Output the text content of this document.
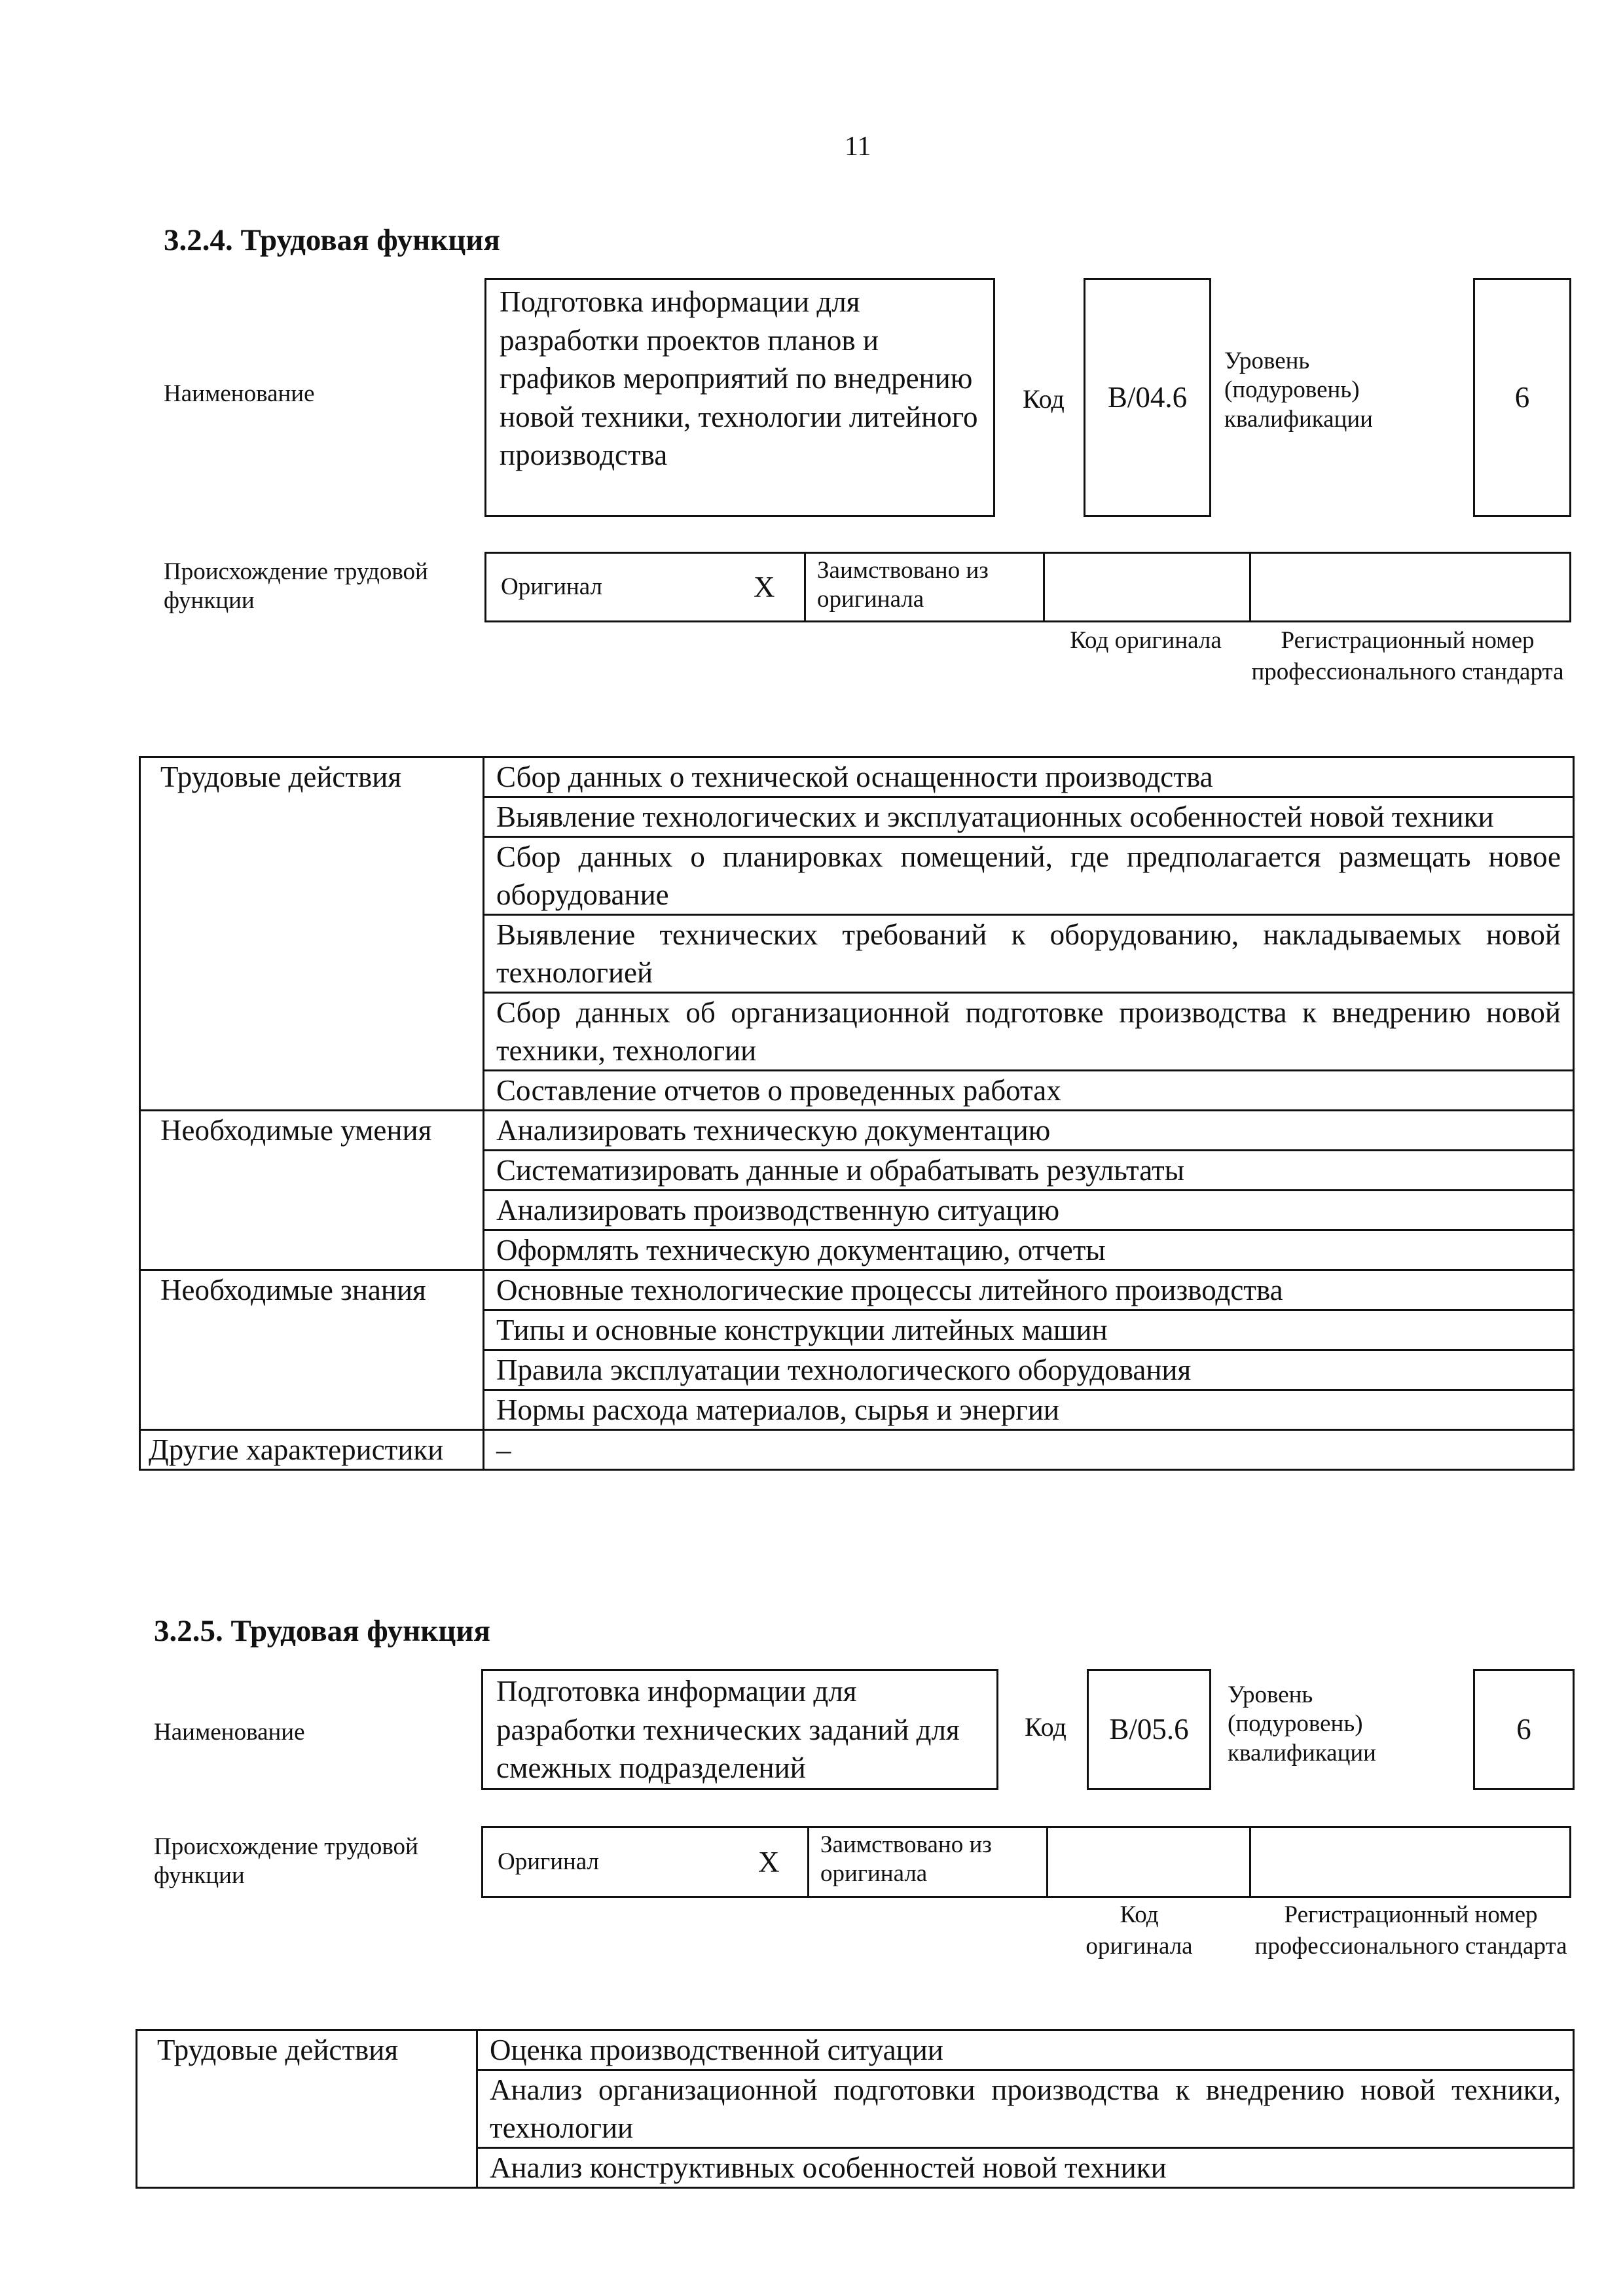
11
3.2.4. Трудовая функция
Наименование
Подготовка информации для разработки проектов планов и графиков мероприятий по внедрению новой техники, технологии литейного производства
Код B/04.6
Уровень (подуровень) квалификации
6
Происхождение трудовой функции
Оригинал	X
Заимствовано из оригинала
Код оригинала	Регистрационный номер профессионального стандарта
Трудовые действия	Сбор данных о технической оснащенности производства
	Выявление технологических и эксплуатационных особенностей новой техники
	Сбор данных о планировках помещений, где предполагается размещать новое оборудование
	Выявление технических требований к оборудованию, накладываемых новой технологией
	Сбор данных об организационной подготовке производства к внедрению новой техники, технологии
	Составление отчетов о проведенных работах
Необходимые умения	Анализировать техническую документацию
	Систематизировать данные и обрабатывать результаты
	Анализировать производственную ситуацию
	Оформлять техническую документацию, отчеты
Необходимые знания	Основные технологические процессы литейного производства
	Типы и основные конструкции литейных машин
	Правила эксплуатации технологического оборудования
	Нормы расхода материалов, сырья и энергии
Другие характеристики	–
3.2.5. Трудовая функция
Наименование
Подготовка информации для разработки технических заданий для смежных подразделений
Код B/05.6
Уровень (подуровень) квалификации
6
Происхождение трудовой функции
Оригинал	X
Заимствовано из оригинала
Код оригинала
Регистрационный номер профессионального стандарта
Трудовые действия	Оценка производственной ситуации
Анализ организационной подготовки производства к внедрению новой техники, технологии
Анализ конструктивных особенностей новой техники
